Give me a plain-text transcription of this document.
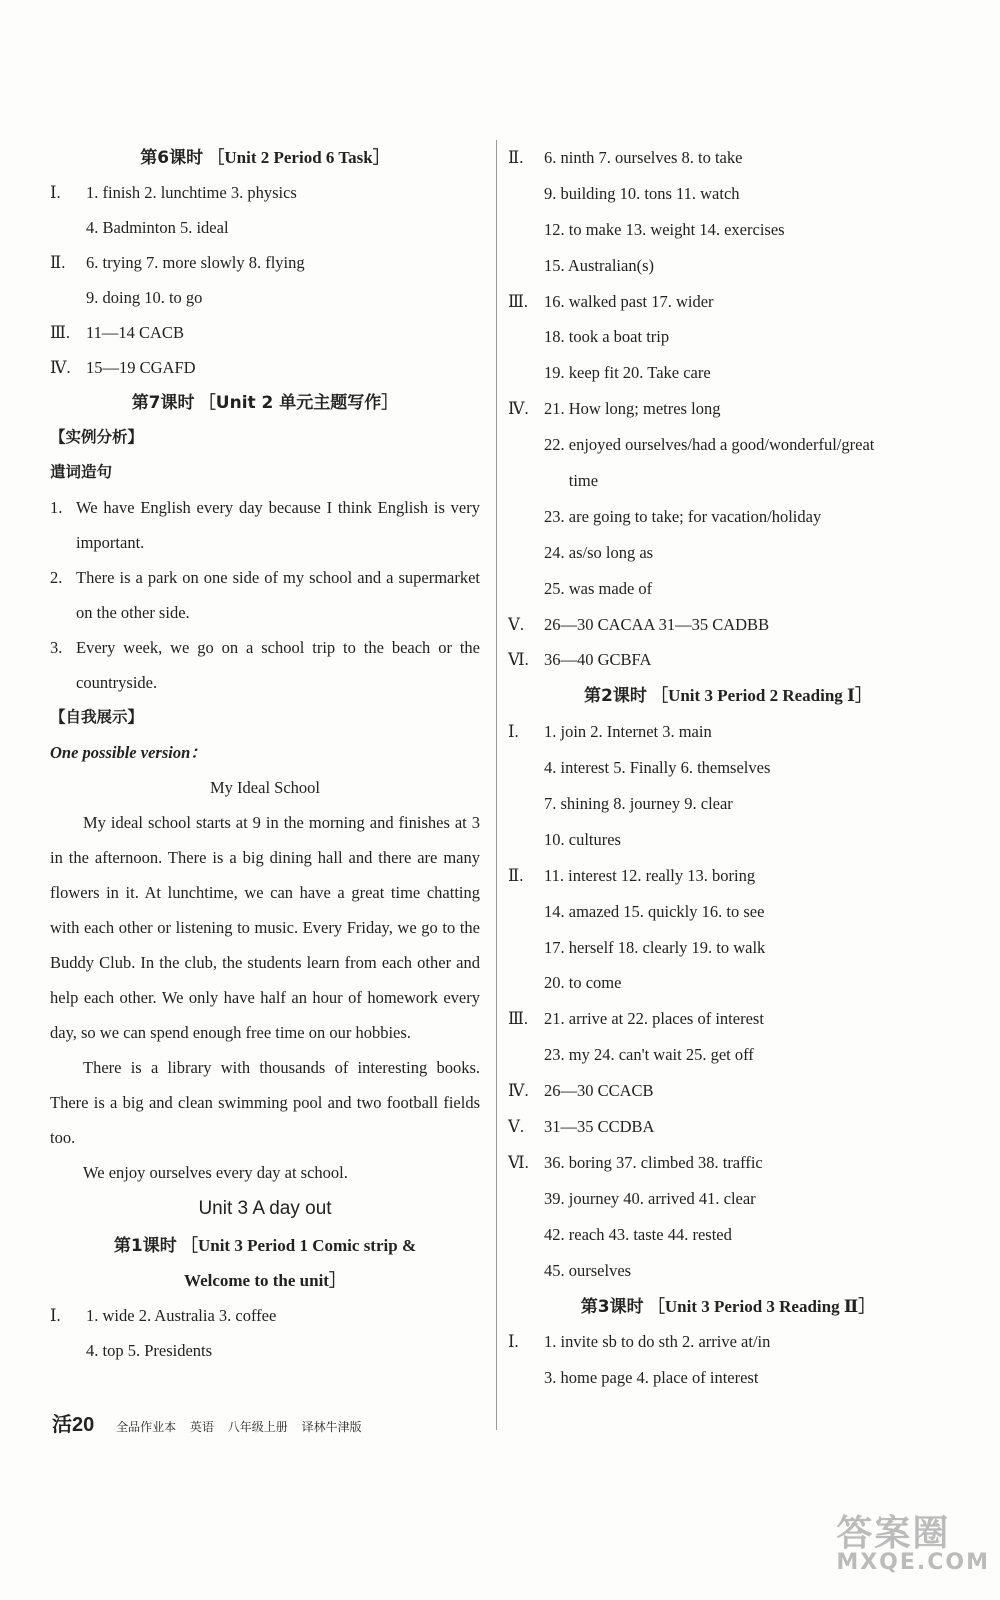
第6课时 ［Unit 2 Period 6 Task］
Ⅰ. 1. finish 2. lunchtime 3. physics
4. Badminton 5. ideal
Ⅱ. 6. trying 7. more slowly 8. flying
9. doing 10. to go
Ⅲ. 11—14 CACB
Ⅳ. 15—19 CGAFD
第7课时 ［Unit 2 单元主题写作］
【实例分析】
遣词造句
1. We have English every day because I think English is very important.
2. There is a park on one side of my school and a supermarket on the other side.
3. Every week, we go on a school trip to the beach or the countryside.
【自我展示】
One possible version：
My Ideal School

My ideal school starts at 9 in the morning and finishes at 3 in the afternoon. There is a big dining hall and there are many flowers in it. At lunchtime, we can have a great time chatting with each other or listening to music. Every Friday, we go to the Buddy Club. In the club, the students learn from each other and help each other. We only have half an hour of homework every day, so we can spend enough free time on our hobbies.

There is a library with thousands of interesting books. There is a big and clean swimming pool and two football fields too.

We enjoy ourselves every day at school.

Unit 3 A day out
第1课时 ［Unit 3 Period 1 Comic strip &
Welcome to the unit］
Ⅰ. 1. wide 2. Australia 3. coffee
4. top 5. Presidents
Ⅱ. 6. ninth 7. ourselves 8. to take
9. building 10. tons 11. watch
12. to make 13. weight 14. exercises
15. Australian(s)
Ⅲ. 16. walked past 17. wider
18. took a boat trip
19. keep fit 20. Take care
Ⅳ. 21. How long; metres long
22. enjoyed ourselves/had a good/wonderful/great
time
23. are going to take; for vacation/holiday
24. as/so long as
25. was made of
Ⅴ. 26—30 CACAA 31—35 CADBB
Ⅵ. 36—40 GCBFA
第2课时 ［Unit 3 Period 2 Reading Ⅰ］
Ⅰ. 1. join 2. Internet 3. main
4. interest 5. Finally 6. themselves
7. shining 8. journey 9. clear
10. cultures
Ⅱ. 11. interest 12. really 13. boring
14. amazed 15. quickly 16. to see
17. herself 18. clearly 19. to walk
20. to come
Ⅲ. 21. arrive at 22. places of interest
23. my 24. can't wait 25. get off
Ⅳ. 26—30 CCACB
Ⅴ. 31—35 CCDBA
Ⅵ. 36. boring 37. climbed 38. traffic
39. journey 40. arrived 41. clear
42. reach 43. taste 44. rested
45. ourselves
第3课时 ［Unit 3 Period 3 Reading Ⅱ］
Ⅰ. 1. invite sb to do sth 2. arrive at/in
3. home page 4. place of interest
活20 全品作业本 英语 八年级上册 译林牛津版
答案圈
MXQE.COM
